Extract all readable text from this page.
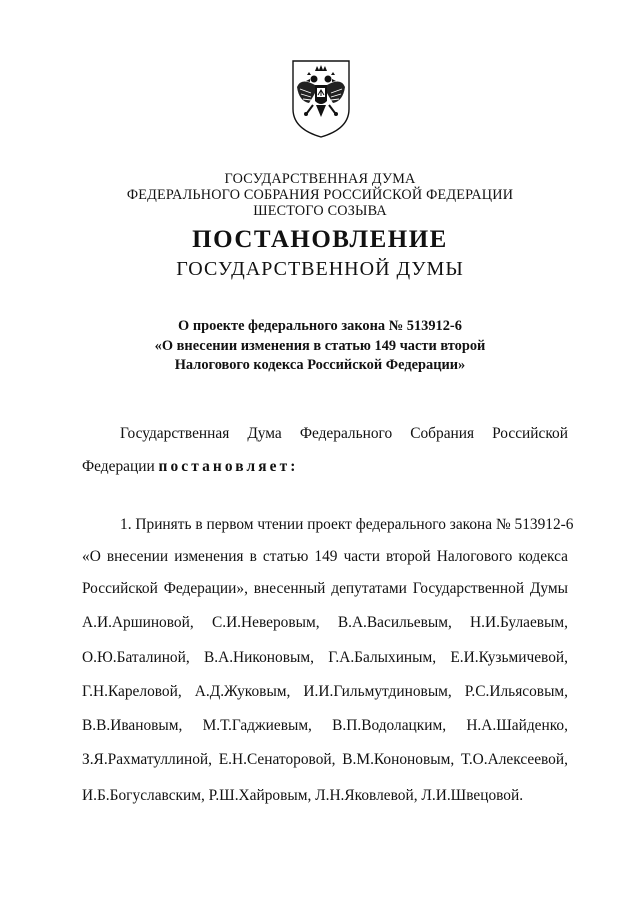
ГОСУДАРСТВЕННАЯ ДУМА
ФЕДЕРАЛЬНОГО СОБРАНИЯ РОССИЙСКОЙ ФЕДЕРАЦИИ
ШЕСТОГО СОЗЫВА
ПОСТАНОВЛЕНИЕ
ГОСУДАРСТВЕННОЙ ДУМЫ
О проекте федерального закона № 513912-6
«О внесении изменения в статью 149 части второй
Налогового кодекса Российской Федерации»
Государственная Дума Федерального Собрания Российской
Федерации постановляет:
1. Принять в первом чтении проект федерального закона № 513912-6
«О внесении изменения в статью 149 части второй Налогового кодекса
Российской Федерации», внесенный депутатами Государственной Думы
А.И.Аршиновой, С.И.Неверовым, В.А.Васильевым, Н.И.Булаевым,
О.Ю.Баталиной, В.А.Никоновым, Г.А.Балыхиным, Е.И.Кузьмичевой,
Г.Н.Кареловой, А.Д.Жуковым, И.И.Гильмутдиновым, Р.С.Ильясовым,
В.В.Ивановым, М.Т.Гаджиевым, В.П.Водолацким, Н.А.Шайденко,
З.Я.Рахматуллиной, Е.Н.Сенаторовой, В.М.Кононовым, Т.О.Алексеевой,
И.Б.Богуславским, Р.Ш.Хайровым, Л.Н.Яковлевой, Л.И.Швецовой.
